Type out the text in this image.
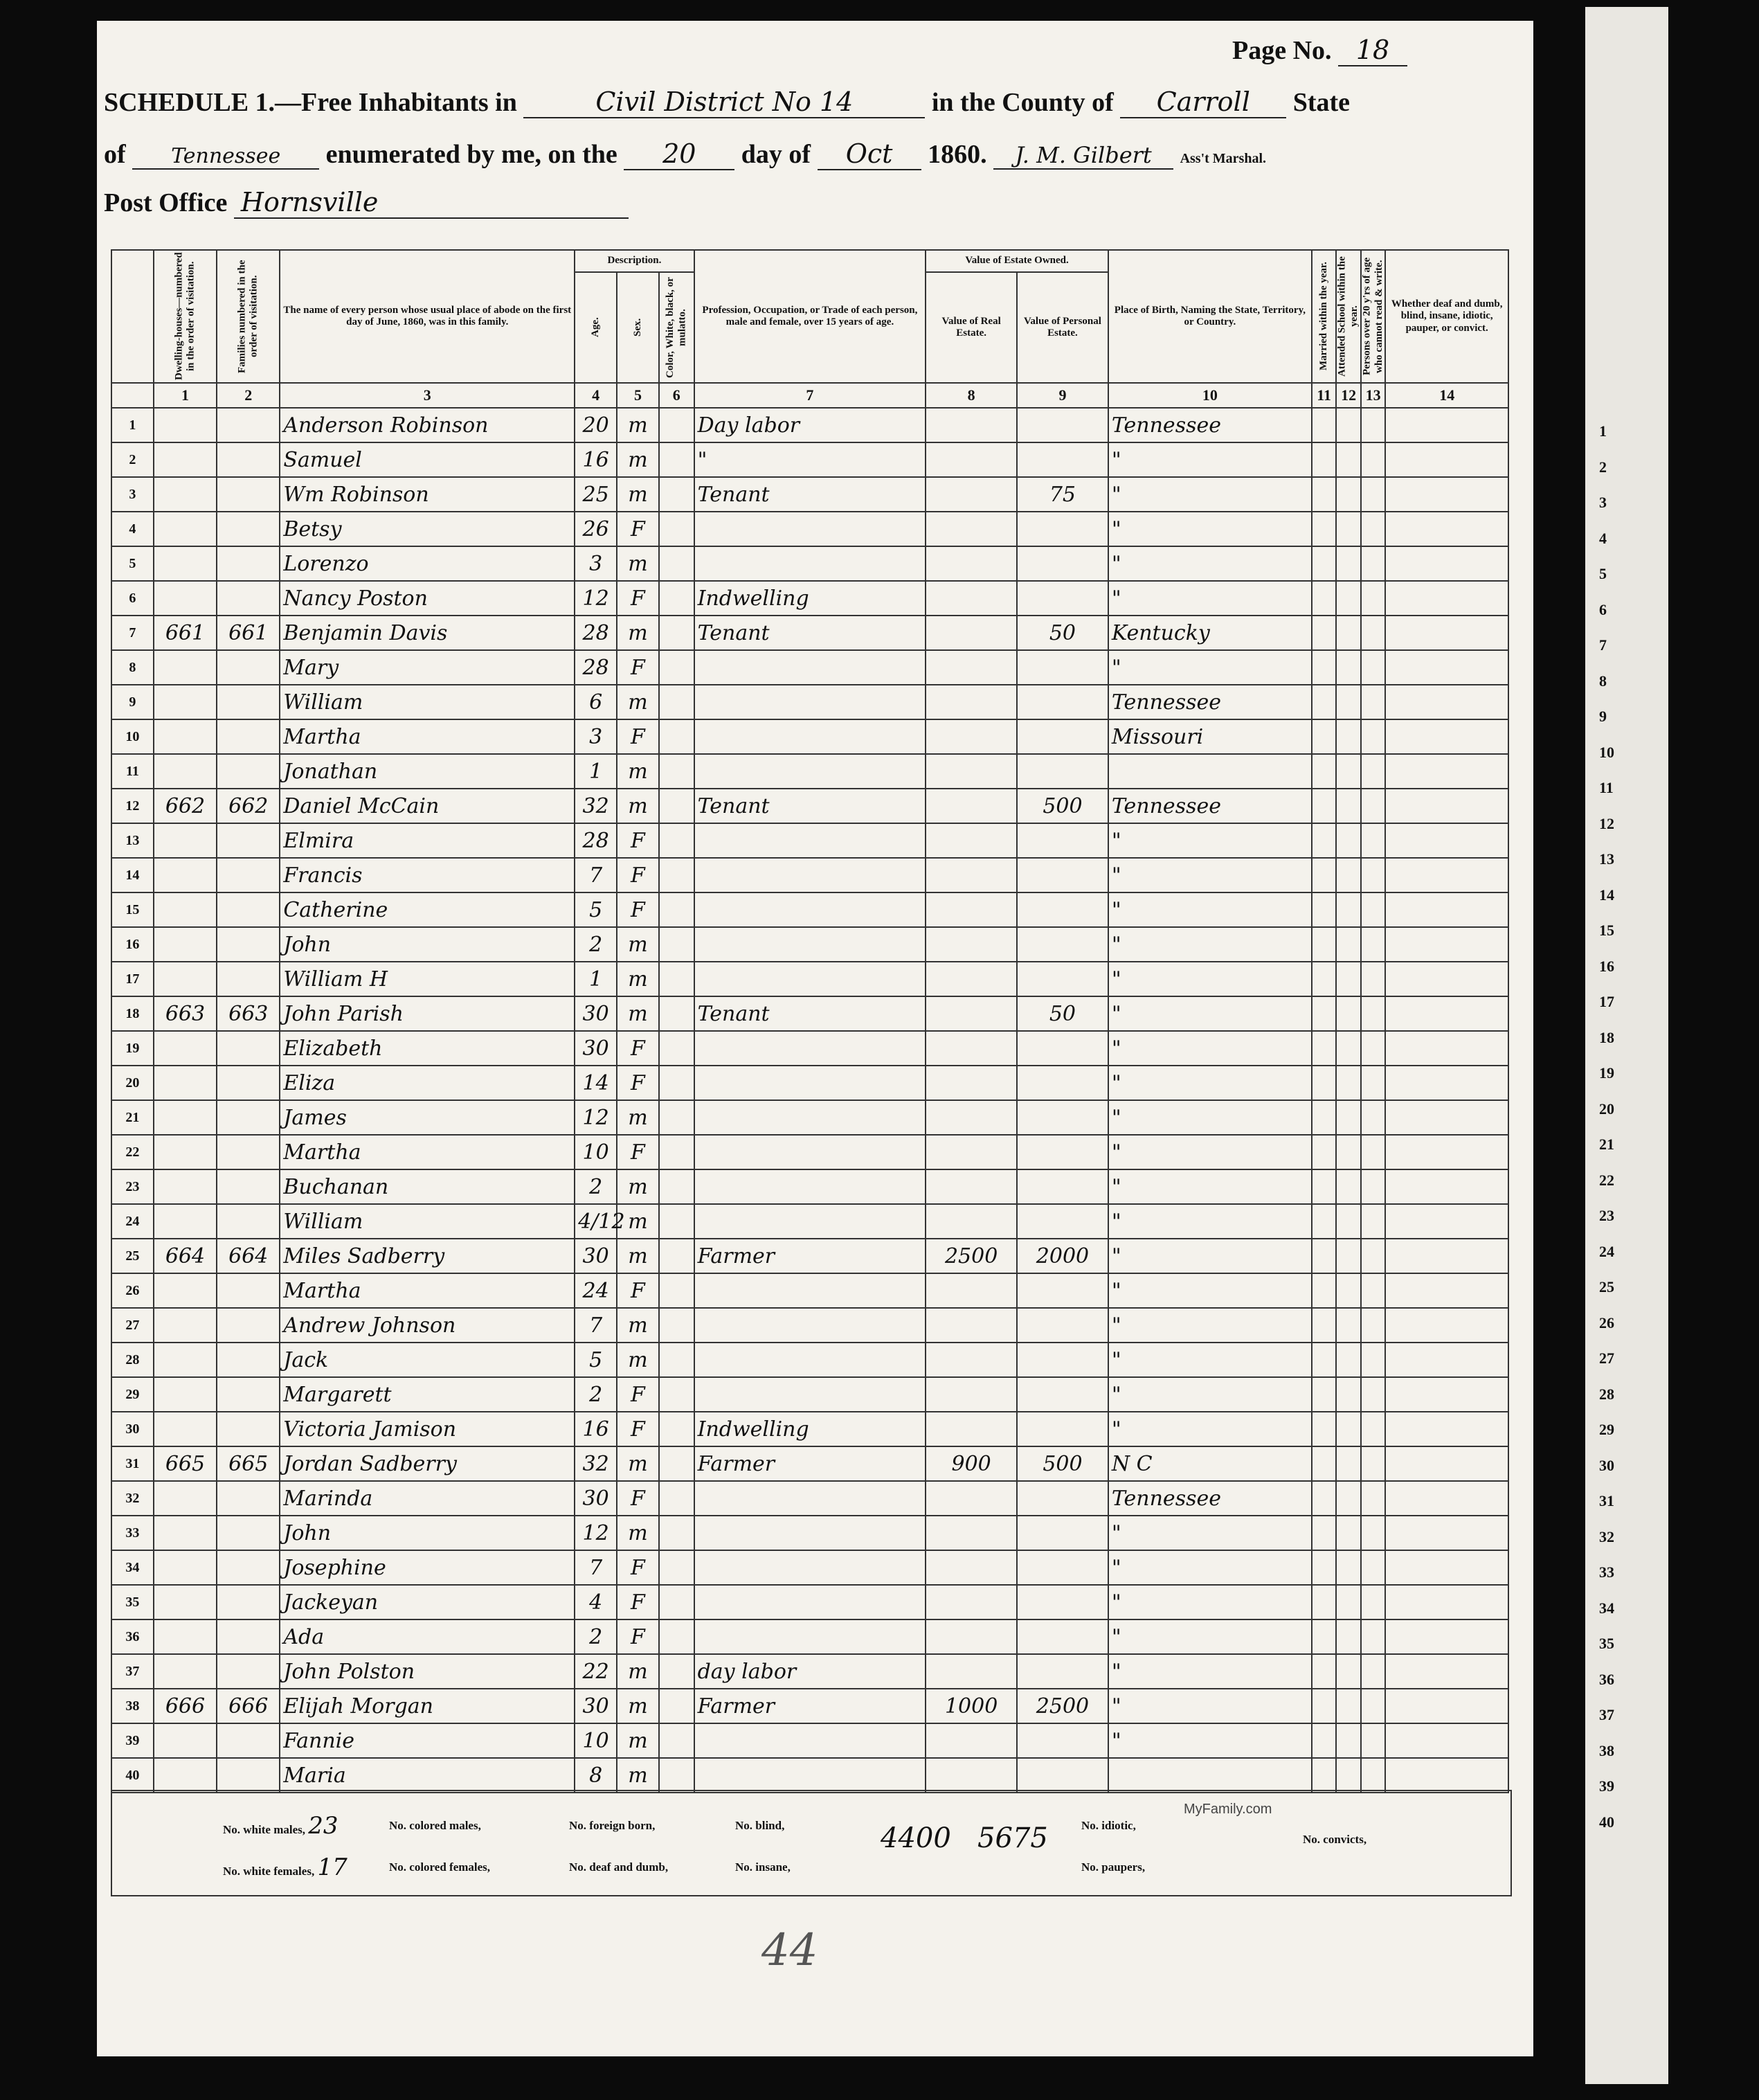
Page No. 18
SCHEDULE 1.—Free Inhabitants in	Civil District No 14	in the County of Carroll State
of Tennessee enumerated by me, on the 20 day of Oct 1860. J. M. Gilbert Ass't Marshal.
Post Office Hornsville
	Dwelling-houses—numbered in the order of visitation.	Families numbered in the order of visitation.	The name of every person whose usual place of abode on the first day of June, 1860, was in this family.	Description.			Profession, Occupation, or Trade of each person, male and female, over 15 years of age.	Value of Estate Owned.		Place of Birth, Naming the State, Territory, or Country.	Married within the year.	Attended School within the year.	Persons over 20 y'rs of age who cannot read & write.	Whether deaf and dumb, blind, insane, idiotic, pauper, or convict.
				Age.	Sex.	Color, White, black, or mulatto.		Value of Real Estate.	Value of Personal Estate.					
	1	2	3	4	5	6	7	8	9	10	11	12	13	14
1			Anderson Robinson	20	m		Day labor			Tennessee				
2			Samuel	16	m		"			"				
3			Wm Robinson	25	m		Tenant		75	"				
4			Betsy	26	F					"				
5			Lorenzo	3	m					"				
6			Nancy Poston	12	F		Indwelling			"				
7	661	661	Benjamin Davis	28	m		Tenant		50	Kentucky				
8			Mary	28	F					"				
9			William	6	m					Tennessee				
10			Martha	3	F					Missouri				
11			Jonathan	1	m									
12	662	662	Daniel McCain	32	m		Tenant		500	Tennessee				
13			Elmira	28	F					"				
14			Francis	7	F					"				
15			Catherine	5	F					"				
16			John	2	m					"				
17			William H	1	m					"				
18	663	663	John Parish	30	m		Tenant		50	"				
19			Elizabeth	30	F					"				
20			Eliza	14	F					"				
21			James	12	m					"				
22			Martha	10	F					"				
23			Buchanan	2	m					"				
24			William	4/12	m					"				
25	664	664	Miles Sadberry	30	m		Farmer	2500	2000	"				
26			Martha	24	F					"				
27			Andrew Johnson	7	m					"				
28			Jack	5	m					"				
29			Margarett	2	F					"				
30			Victoria Jamison	16	F		Indwelling			"				
31	665	665	Jordan Sadberry	32	m		Farmer	900	500	N C				
32			Marinda	30	F					Tennessee				
33			John	12	m					"				
34			Josephine	7	F					"				
35			Jackeyan	4	F					"				
36			Ada	2	F					"				
37			John Polston	22	m		day labor			"				
38	666	666	Elijah Morgan	30	m		Farmer	1000	2500	"				
39			Fannie	10	m					"				
40			Maria	8	m									
No. white males, 23
No. white females, 17
No. colored males,
No. colored females,
No. foreign born,
No. deaf and dumb,
No. blind,
No. insane,
4400 5675	No. idiotic,
No. paupers,
No. convicts,
MyFamily.com
44
1
2
3
4
5
6
7
8
9
10
11
12
13
14
15
16
17
18
19
20
21
22
23
24
25
26
27
28
29
30
31
32
33
34
35
36
37
38
39
40
